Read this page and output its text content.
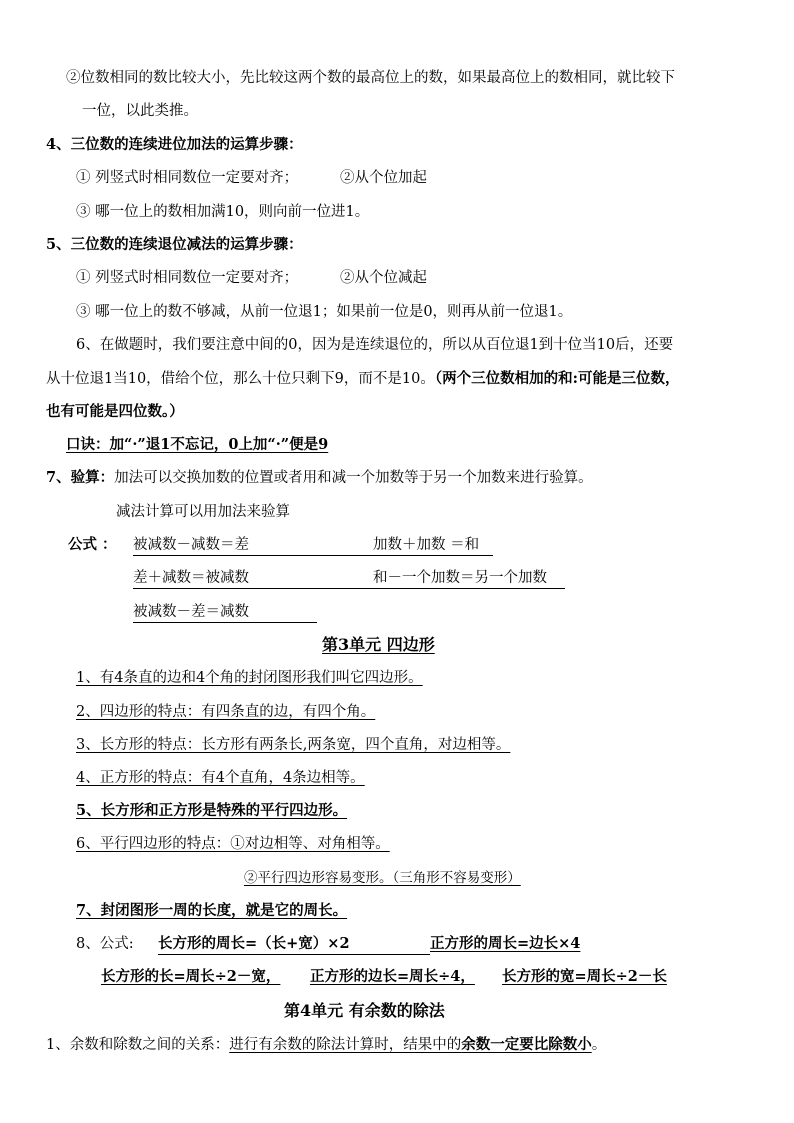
②位数相同的数比较大小，先比较这两个数的最高位上的数，如果最高位上的数相同，就比较下
一位，以此类推。
4、三位数的连续进位加法的运算步骤：
① 列竖式时相同数位一定要对齐；	②从个位加起
③ 哪一位上的数相加满10，则向前一位进1。
5、三位数的连续退位减法的运算步骤：
① 列竖式时相同数位一定要对齐；	②从个位减起
③ 哪一位上的数不够减，从前一位退1；如果前一位是0，则再从前一位退1。
6、在做题时，我们要注意中间的0，因为是连续退位的，所以从百位退1到十位当10后，还要
从十位退1当10，借给个位，那么十位只剩下9，而不是10。（两个三位数相加的和:可能是三位数，
也有可能是四位数。）
口诀：加“·”退1不忘记，0上加“·”便是9
7、验算：加法可以交换加数的位置或者用和减一个加数等于另一个加数来进行验算。
减法计算可以用加法来验算
公式 ： 被减数－减数＝差	加数＋加数 ＝和
差＋减数＝被减数	和－一个加数＝另一个加数
被减数－差＝减数
第3单元 四边形
1、有4条直的边和4个角的封闭图形我们叫它四边形。
2、四边形的特点：有四条直的边，有四个角。
3、长方形的特点：长方形有两条长,两条宽，四个直角，对边相等。
4、正方形的特点：有4个直角，4条边相等。
5、长方形和正方形是特殊的平行四边形。
6、平行四边形的特点：①对边相等、对角相等。
②平行四边形容易变形。（三角形不容易变形）
7、封闭图形一周的长度，就是它的周长。
8、公式: 长方形的周长=（长+宽）×2	正方形的周长=边长×4
长方形的长=周长÷2－宽， 正方形的边长=周长÷4， 长方形的宽=周长÷2－长
第4单元 有余数的除法
1、余数和除数之间的关系：进行有余数的除法计算时，结果中的余数一定要比除数小。
